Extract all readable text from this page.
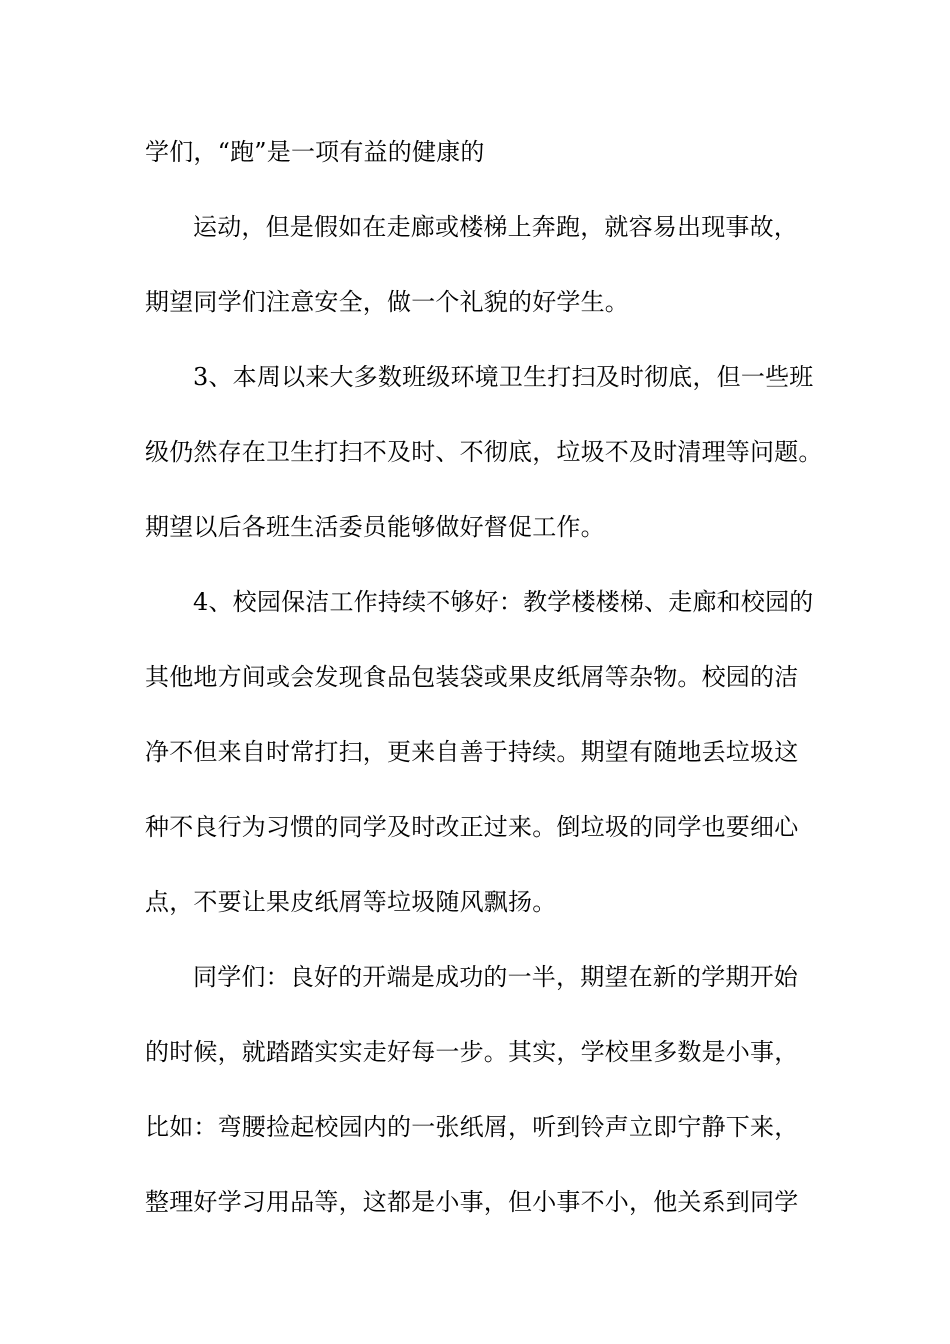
学们，“跑”是一项有益的健康的
运动，但是假如在走廊或楼梯上奔跑，就容易出现事故，
期望同学们注意安全，做一个礼貌的好学生。
3、本周以来大多数班级环境卫生打扫及时彻底，但一些班
级仍然存在卫生打扫不及时、不彻底，垃圾不及时清理等问题。
期望以后各班生活委员能够做好督促工作。
4、校园保洁工作持续不够好：教学楼楼梯、走廊和校园的
其他地方间或会发现食品包装袋或果皮纸屑等杂物。校园的洁
净不但来自时常打扫，更来自善于持续。期望有随地丢垃圾这
种不良行为习惯的同学及时改正过来。倒垃圾的同学也要细心
点，不要让果皮纸屑等垃圾随风飘扬。
同学们：良好的开端是成功的一半，期望在新的学期开始
的时候，就踏踏实实走好每一步。其实，学校里多数是小事，
比如：弯腰捡起校园内的一张纸屑，听到铃声立即宁静下来，
整理好学习用品等，这都是小事，但小事不小，他关系到同学
